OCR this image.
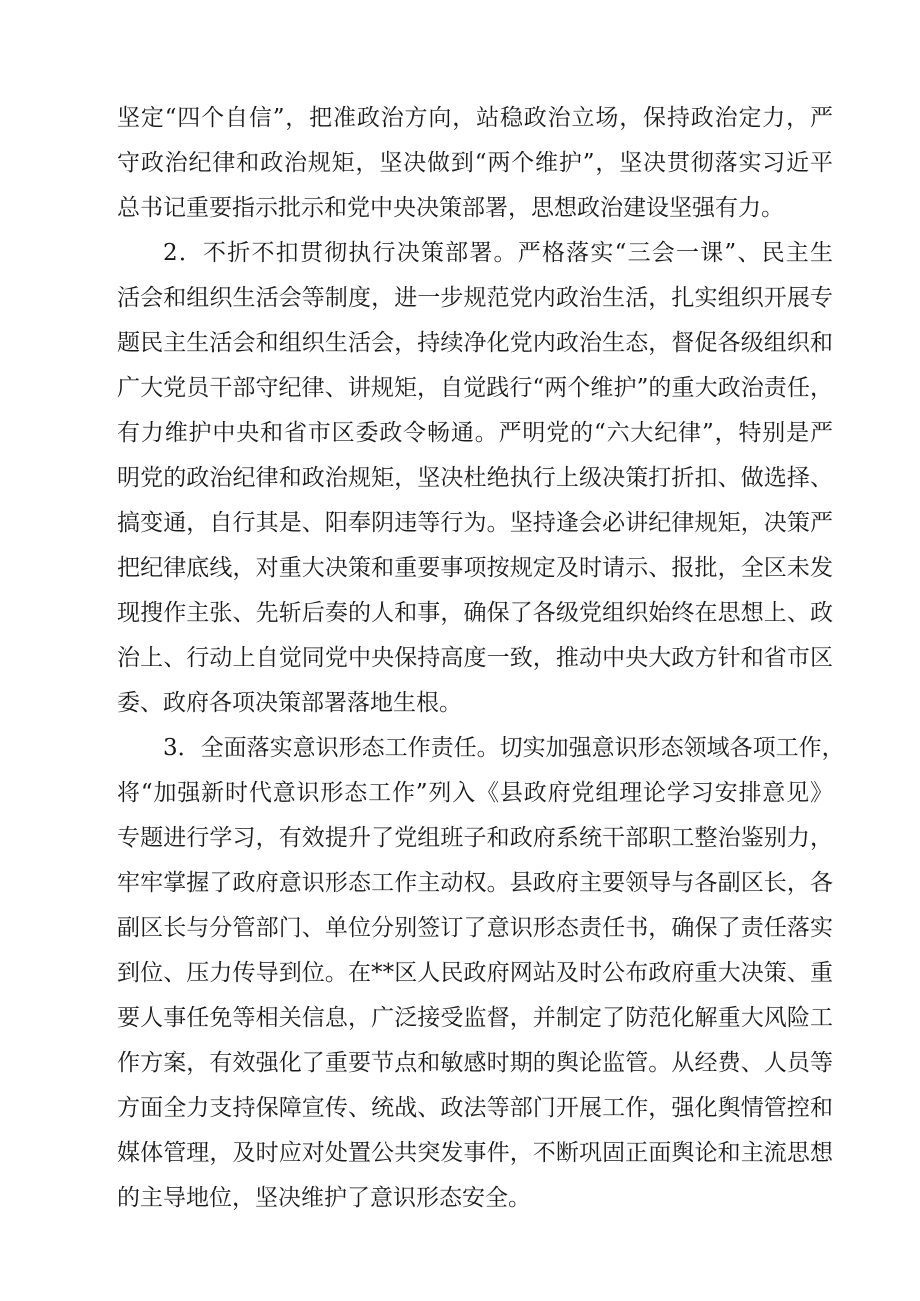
坚定“四个自信”，把准政治方向，站稳政治立场，保持政治定力，严
守政治纪律和政治规矩，坚决做到“两个维护”，坚决贯彻落实习近平
总书记重要指示批示和党中央决策部署，思想政治建设坚强有力。
2．不折不扣贯彻执行决策部署。严格落实“三会一课”、民主生
活会和组织生活会等制度，进一步规范党内政治生活，扎实组织开展专
题民主生活会和组织生活会，持续净化党内政治生态，督促各级组织和
广大党员干部守纪律、讲规矩，自觉践行“两个维护”的重大政治责任，
有力维护中央和省市区委政令畅通。严明党的“六大纪律”，特别是严
明党的政治纪律和政治规矩，坚决杜绝执行上级决策打折扣、做选择、
搞变通，自行其是、阳奉阴违等行为。坚持逢会必讲纪律规矩，决策严
把纪律底线，对重大决策和重要事项按规定及时请示、报批，全区未发
现搜作主张、先斩后奏的人和事，确保了各级党组织始终在思想上、政
治上、行动上自觉同党中央保持高度一致，推动中央大政方针和省市区
委、政府各项决策部署落地生根。
3．全面落实意识形态工作责任。切实加强意识形态领域各项工作，
将“加强新时代意识形态工作”列入《县政府党组理论学习安排意见》
专题进行学习，有效提升了党组班子和政府系统干部职工整治鉴别力，
牢牢掌握了政府意识形态工作主动权。县政府主要领导与各副区长，各
副区长与分管部门、单位分别签订了意识形态责任书，确保了责任落实
到位、压力传导到位。在**区人民政府网站及时公布政府重大决策、重
要人事任免等相关信息，广泛接受监督，并制定了防范化解重大风险工
作方案，有效强化了重要节点和敏感时期的舆论监管。从经费、人员等
方面全力支持保障宣传、统战、政法等部门开展工作，强化舆情管控和
媒体管理，及时应对处置公共突发事件，不断巩固正面舆论和主流思想
的主导地位，坚决维护了意识形态安全。
